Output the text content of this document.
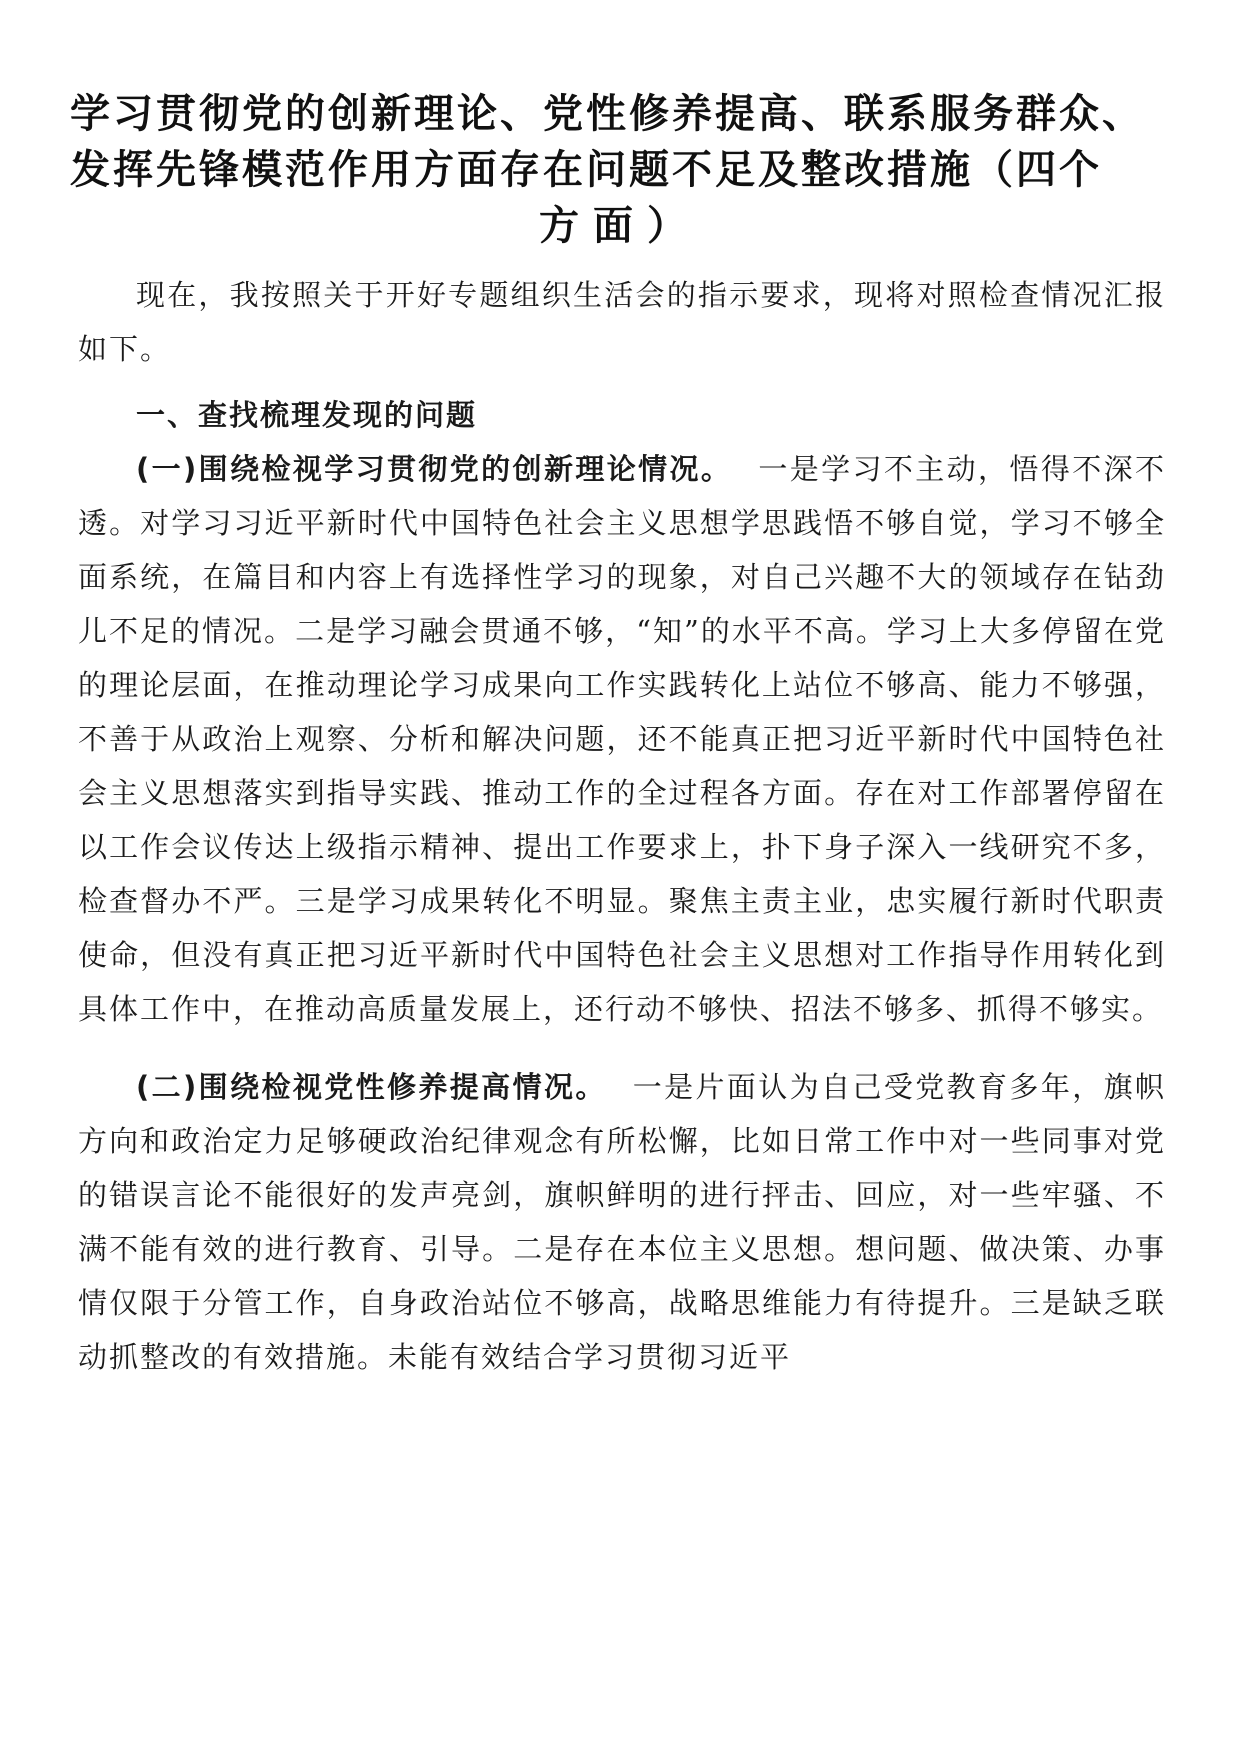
学习贯彻党的创新理论、党性修养提高、联系服务群众、
发挥先锋模范作用方面存在问题不足及整改措施（四个
方面）

现在，我按照关于开好专题组织生活会的指示要求，现将对照检查情况汇报如下。

一、查找梳理发现的问题

(一)围绕检视学习贯彻党的创新理论情况。 一是学习不主动，悟得不深不透。对学习习近平新时代中国特色社会主义思想学思践悟不够自觉，学习不够全面系统，在篇目和内容上有选择性学习的现象，对自己兴趣不大的领域存在钻劲儿不足的情况。二是学习融会贯通不够，“知”的水平不高。学习上大多停留在党的理论层面，在推动理论学习成果向工作实践转化上站位不够高、能力不够强，不善于从政治上观察、分析和解决问题，还不能真正把习近平新时代中国特色社会主义思想落实到指导实践、推动工作的全过程各方面。存在对工作部署停留在以工作会议传达上级指示精神、提出工作要求上，扑下身子深入一线研究不多，检查督办不严。三是学习成果转化不明显。聚焦主责主业，忠实履行新时代职责使命，但没有真正把习近平新时代中国特色社会主义思想对工作指导作用转化到具体工作中，在推动高质量发展上，还行动不够快、招法不够多、抓得不够实。

(二)围绕检视党性修养提高情况。 一是片面认为自己受党教育多年，旗帜方向和政治定力足够硬政治纪律观念有所松懈，比如日常工作中对一些同事对党的错误言论不能很好的发声亮剑，旗帜鲜明的进行抨击、回应，对一些牢骚、不满不能有效的进行教育、引导。二是存在本位主义思想。想问题、做决策、办事情仅限于分管工作，自身政治站位不够高，战略思维能力有待提升。三是缺乏联动抓整改的有效措施。未能有效结合学习贯彻习近平
